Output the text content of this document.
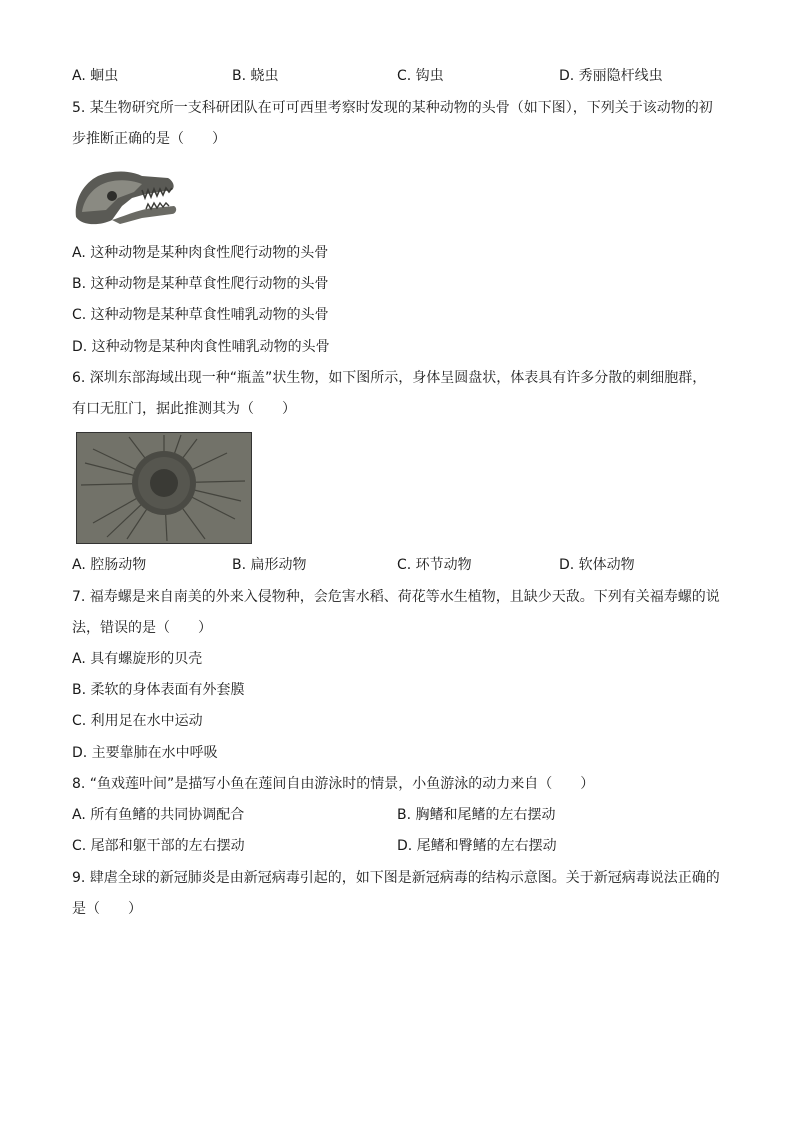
A. 蛔虫	B. 蛲虫	C. 钩虫	D. 秀丽隐杆线虫
5. 某生物研究所一支科研团队在可可西里考察时发现的某种动物的头骨（如下图），下列关于该动物的初
步推断正确的是（　　）
A. 这种动物是某种肉食性爬行动物的头骨
B. 这种动物是某种草食性爬行动物的头骨
C. 这种动物是某种草食性哺乳动物的头骨
D. 这种动物是某种肉食性哺乳动物的头骨
6. 深圳东部海域出现一种“瓶盖”状生物，如下图所示，身体呈圆盘状，体表具有许多分散的刺细胞群，
有口无肛门，据此推测其为（　　）
A. 腔肠动物	B. 扁形动物	C. 环节动物	D. 软体动物
7. 福寿螺是来自南美的外来入侵物种，会危害水稻、荷花等水生植物，且缺少天敌。下列有关福寿螺的说
法，错误的是（　　）
A. 具有螺旋形的贝壳
B. 柔软的身体表面有外套膜
C. 利用足在水中运动
D. 主要靠肺在水中呼吸
8. “鱼戏莲叶间”是描写小鱼在莲间自由游泳时的情景，小鱼游泳的动力来自（　　）
A. 所有鱼鳍的共同协调配合	B. 胸鳍和尾鳍的左右摆动
C. 尾部和躯干部的左右摆动	D. 尾鳍和臀鳍的左右摆动
9. 肆虐全球的新冠肺炎是由新冠病毒引起的，如下图是新冠病毒的结构示意图。关于新冠病毒说法正确的
是（　　）
